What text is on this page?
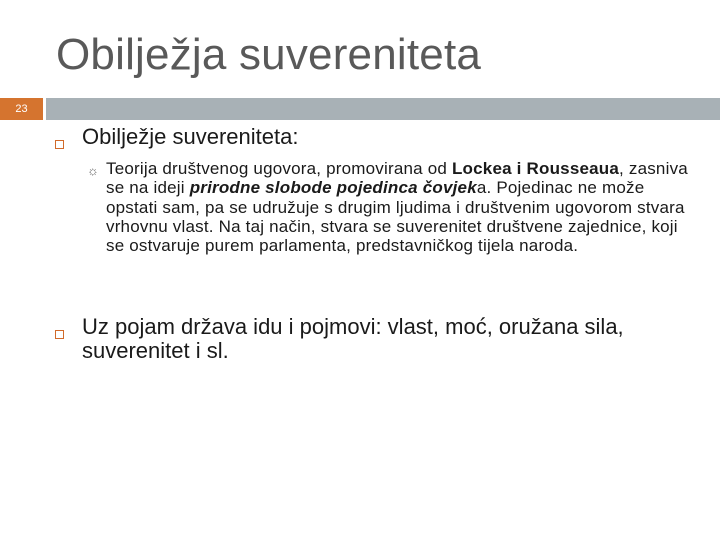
Obilježja suvereniteta
23
Obilježje suvereniteta:
☼ Teorija društvenog ugovora, promovirana od Lockea i Rousseaua, zasniva se na ideji prirodne slobode pojedinca čovjeka. Pojedinac ne može opstati sam, pa se udružuje s drugim ljudima i društvenim ugovorom stvara vrhovnu vlast. Na taj način, stvara se suverenitet društvene zajednice, koji se ostvaruje purem parlamenta, predstavničkog tijela naroda.
Uz pojam država idu i pojmovi: vlast, moć, oružana sila, suverenitet i sl.
